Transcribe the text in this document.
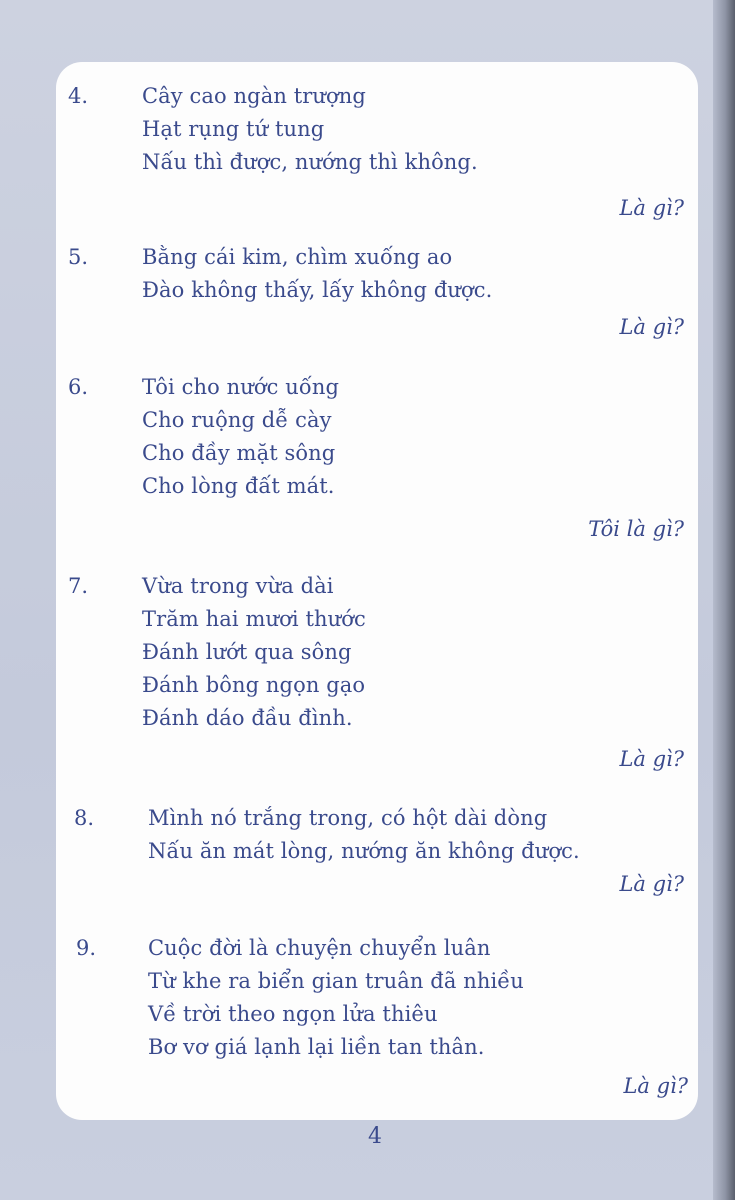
4.	Cây cao ngàn trượng
Hạt rụng tứ tung
Nấu thì được, nướng thì không.
Là gì?
5.	Bằng cái kim, chìm xuống ao
Đào không thấy, lấy không được.
Là gì?
6.	Tôi cho nước uống
Cho ruộng dễ cày
Cho đầy mặt sông
Cho lòng đất mát.
Tôi là gì?
7.	Vừa trong vừa dài
Trăm hai mươi thước
Đánh lướt qua sông
Đánh bông ngọn gạo
Đánh dáo đầu đình.
Là gì?
8.	Mình nó trắng trong, có hột dài dòng
Nấu ăn mát lòng, nướng ăn không được.
Là gì?
9. Cuộc đời là chuyện chuyển luân
Từ khe ra biển gian truân đã nhiều
Về trời theo ngọn lửa thiêu
Bơ vơ giá lạnh lại liền tan thân.
Là gì?
4
